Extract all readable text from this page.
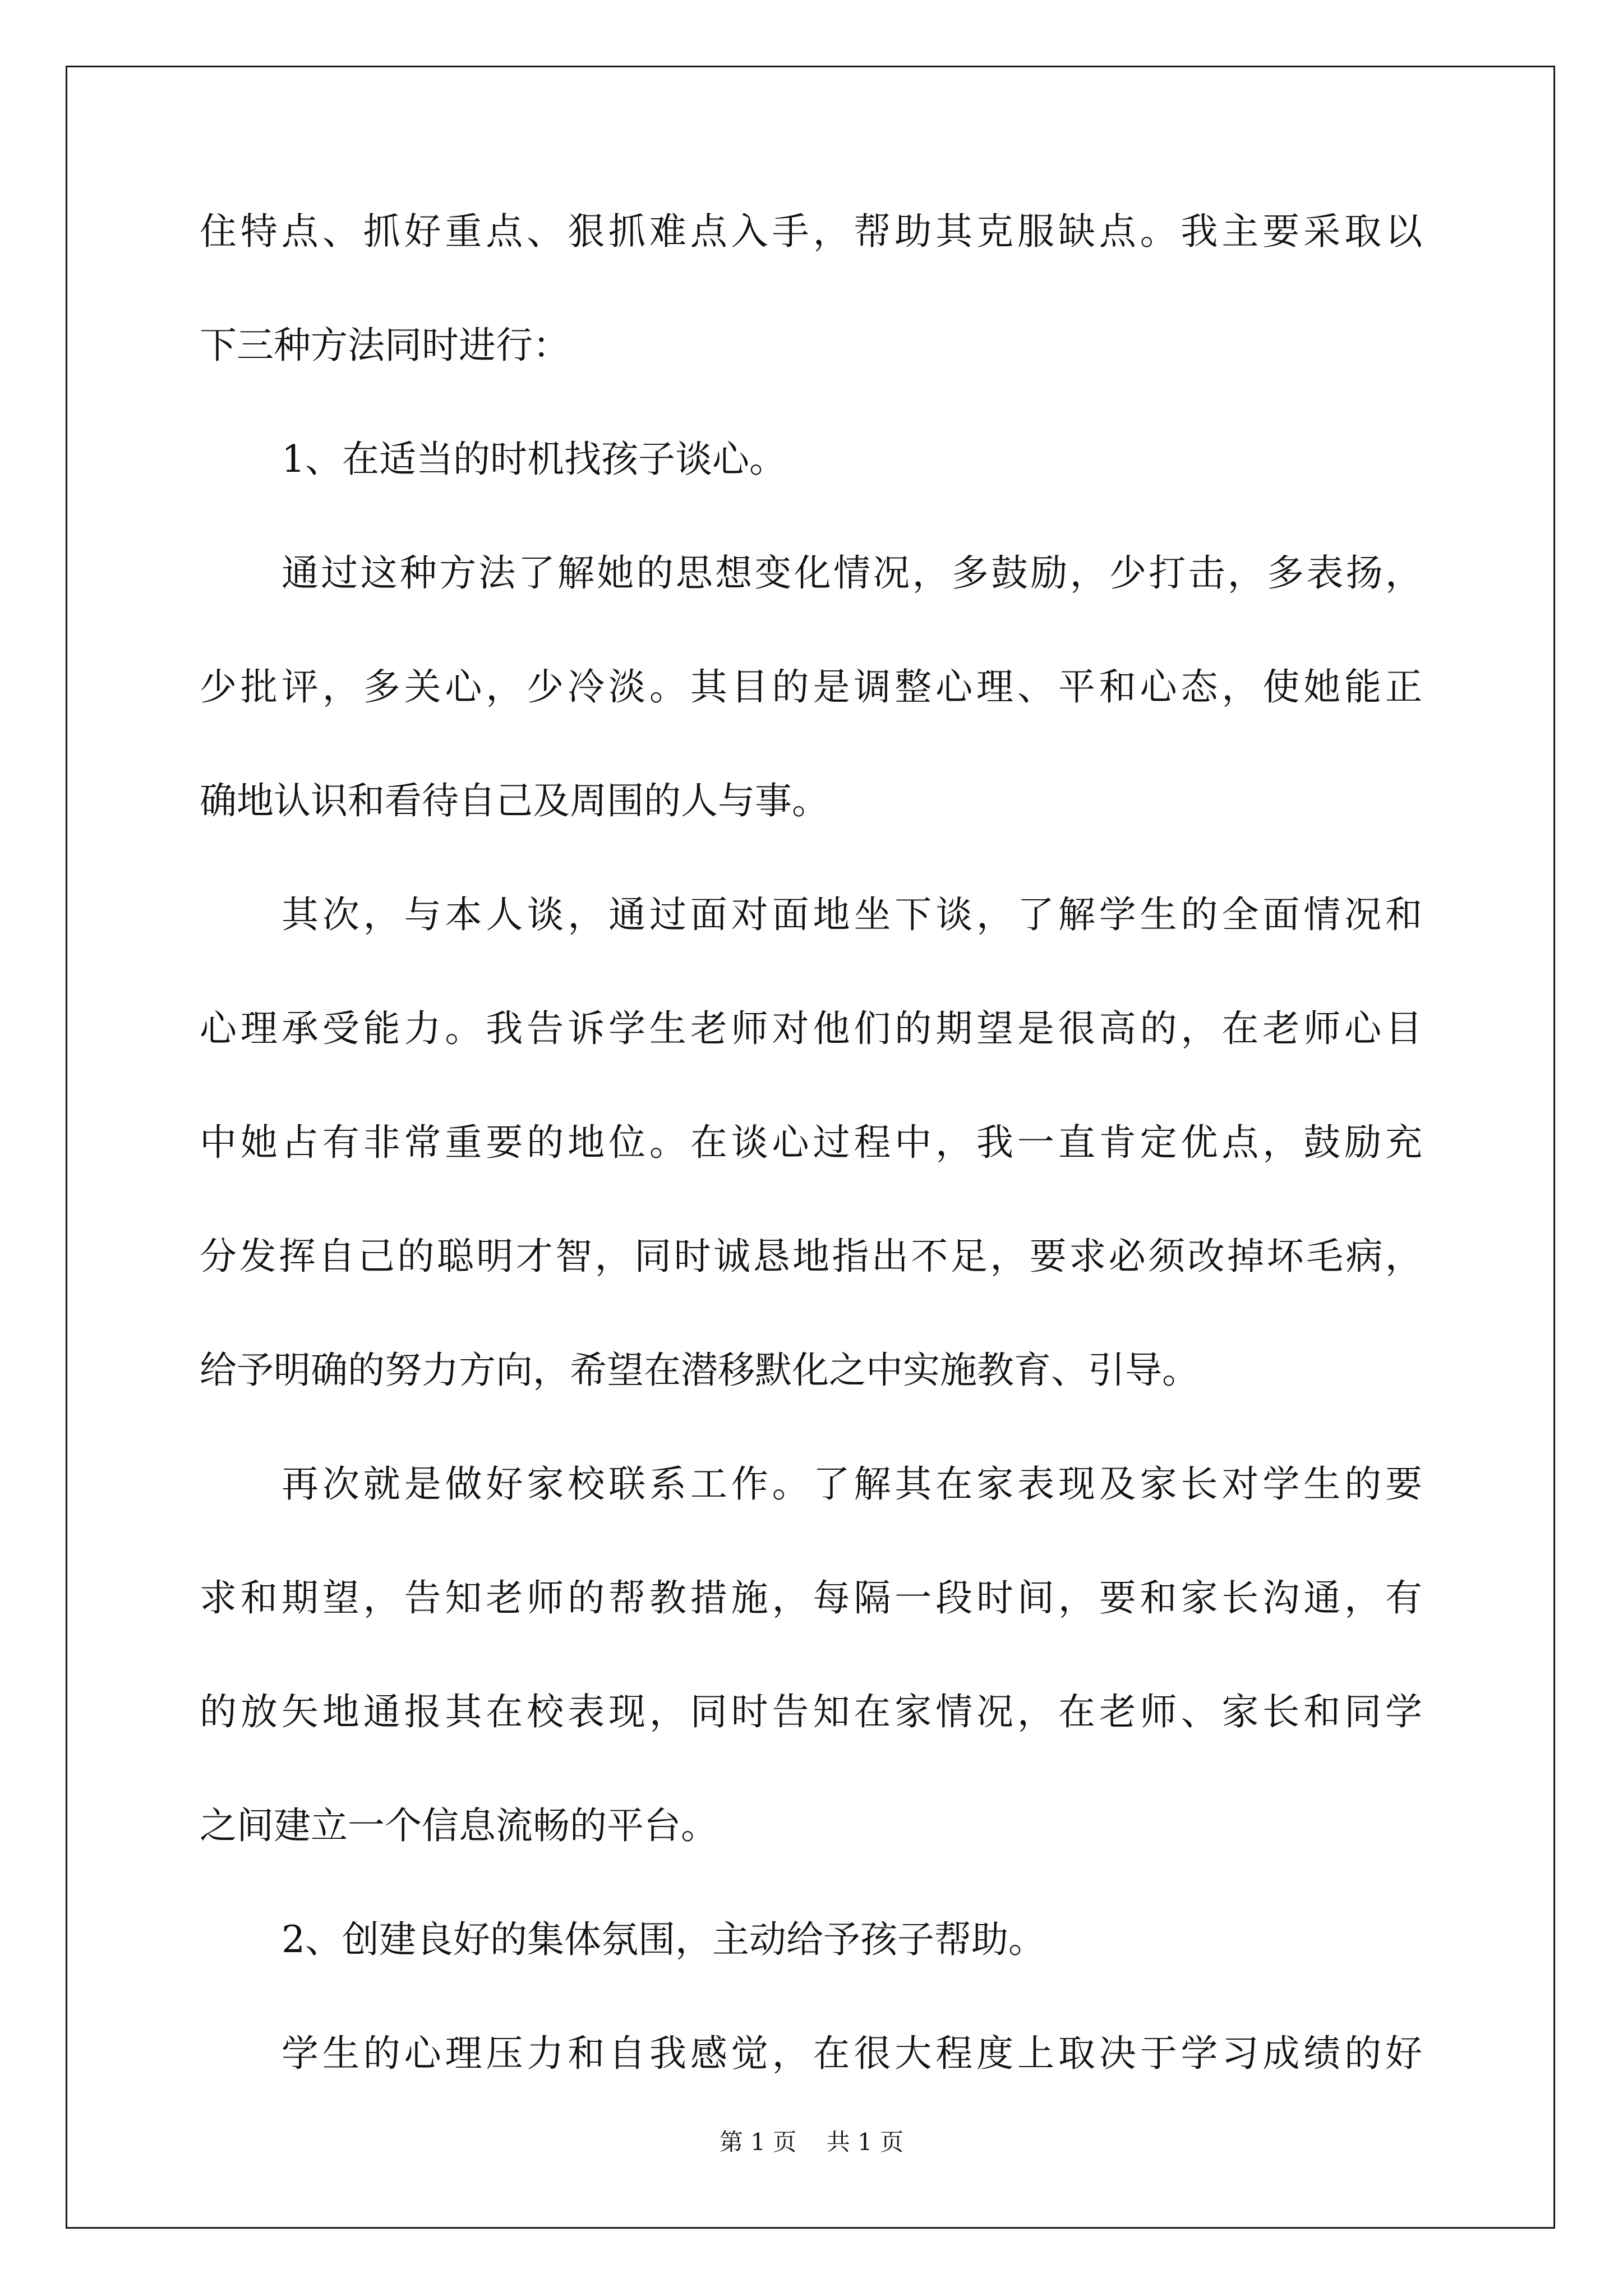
住特点、抓好重点、狠抓难点入手，帮助其克服缺点。我主要采取以
下三种方法同时进行：
1、在适当的时机找孩子谈心。
通过这种方法了解她的思想变化情况，多鼓励，少打击，多表扬，
少批评，多关心，少冷淡。其目的是调整心理、平和心态，使她能正
确地认识和看待自己及周围的人与事。
其次，与本人谈，通过面对面地坐下谈，了解学生的全面情况和
心理承受能力。我告诉学生老师对他们的期望是很高的，在老师心目
中她占有非常重要的地位。在谈心过程中，我一直肯定优点，鼓励充
分发挥自己的聪明才智，同时诚恳地指出不足，要求必须改掉坏毛病，
给予明确的努力方向，希望在潜移默化之中实施教育、引导。
再次就是做好家校联系工作。了解其在家表现及家长对学生的要
求和期望，告知老师的帮教措施，每隔一段时间，要和家长沟通，有
的放矢地通报其在校表现，同时告知在家情况，在老师、家长和同学
之间建立一个信息流畅的平台。
2、创建良好的集体氛围，主动给予孩子帮助。
学生的心理压力和自我感觉，在很大程度上取决于学习成绩的好
第 1 页    共 1 页
